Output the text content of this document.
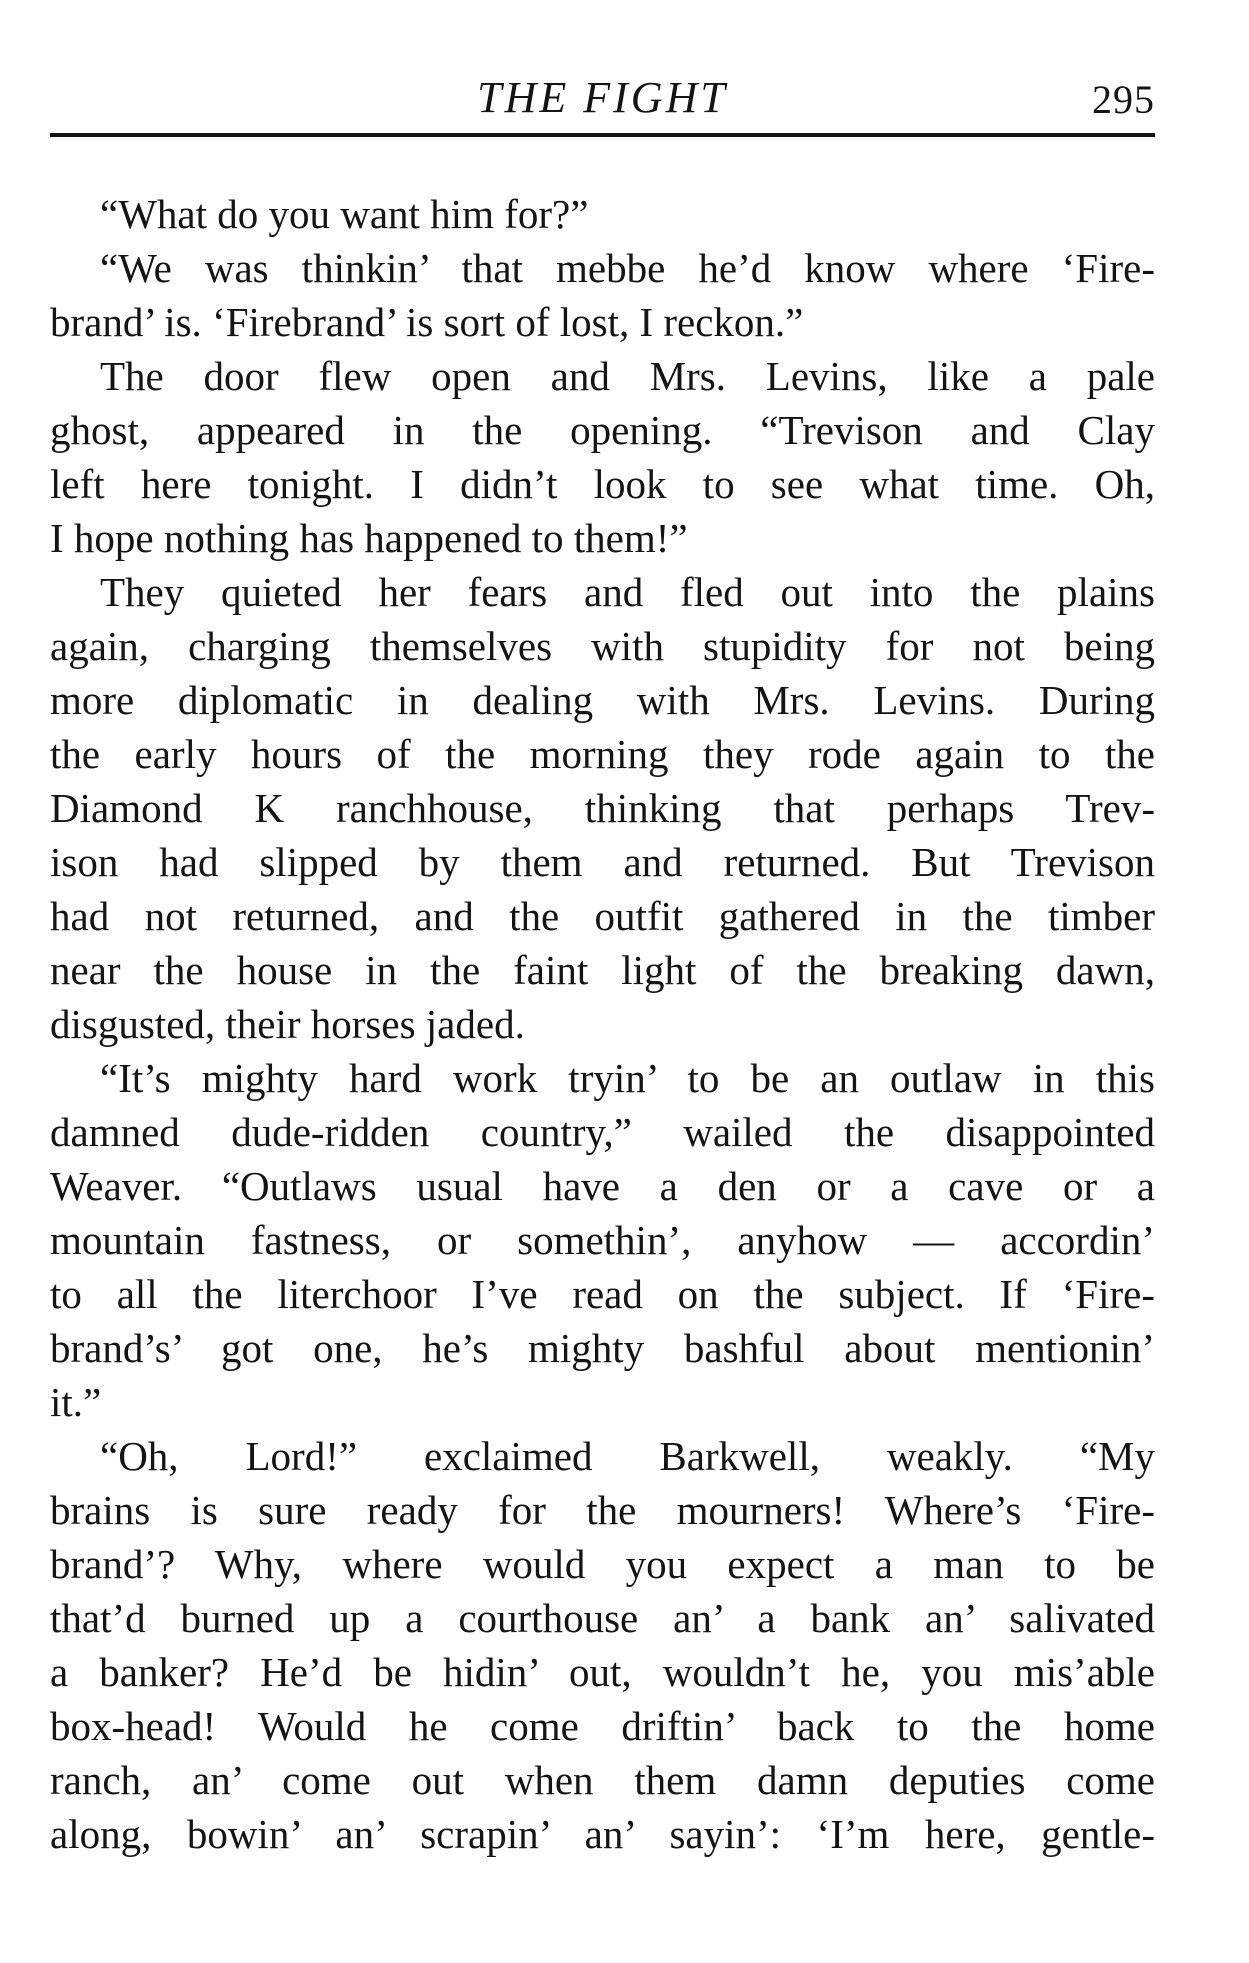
THE FIGHT	295
“What do you want him for?”
“We was thinkin’ that mebbe he’d know where ‘Fire-
brand’ is. ‘Firebrand’ is sort of lost, I reckon.”
The door flew open and Mrs. Levins, like a pale
ghost, appeared in the opening. “Trevison and Clay
left here tonight. I didn’t look to see what time. Oh,
I hope nothing has happened to them!”
They quieted her fears and fled out into the plains
again, charging themselves with stupidity for not being
more diplomatic in dealing with Mrs. Levins. During
the early hours of the morning they rode again to the
Diamond K ranchhouse, thinking that perhaps Trev-
ison had slipped by them and returned. But Trevison
had not returned, and the outfit gathered in the timber
near the house in the faint light of the breaking dawn,
disgusted, their horses jaded.
“It’s mighty hard work tryin’ to be an outlaw in this
damned dude-ridden country,” wailed the disappointed
Weaver. “Outlaws usual have a den or a cave or a
mountain fastness, or somethin’, anyhow — accordin’
to all the literchoor I’ve read on the subject. If ‘Fire-
brand’s’ got one, he’s mighty bashful about mentionin’
it.”
“Oh, Lord!” exclaimed Barkwell, weakly. “My
brains is sure ready for the mourners! Where’s ‘Fire-
brand’? Why, where would you expect a man to be
that’d burned up a courthouse an’ a bank an’ salivated
a banker? He’d be hidin’ out, wouldn’t he, you mis’able
box-head! Would he come driftin’ back to the home
ranch, an’ come out when them damn deputies come
along, bowin’ an’ scrapin’ an’ sayin’: ‘I’m here, gentle-
